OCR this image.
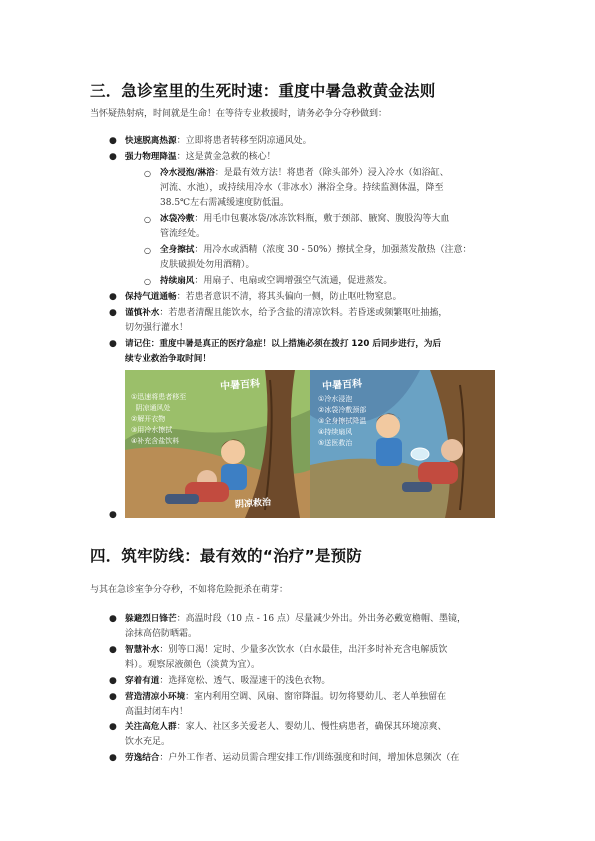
三．急诊室里的生死时速：重度中暑急救黄金法则

当怀疑热射病，时间就是生命！在等待专业救援时，请务必争分夺秒做到：

● 快速脱离热源：立即将患者转移至阴凉通风处。
● 强力物理降温：这是黄金急救的核心！
○ 冷水浸泡/淋浴：是最有效方法！将患者（除头部外）浸入冷水（如浴缸、
河流、水池），或持续用冷水（非冰水）淋浴全身。持续监测体温，降至
38.5℃左右需减缓速度防低温。
○ 冰袋冷敷：用毛巾包裹冰袋/冰冻饮料瓶，敷于颈部、腋窝、腹股沟等大血
管流经处。
○ 全身擦拭：用冷水或酒精（浓度 30 - 50%）擦拭全身，加强蒸发散热（注意：
皮肤破损处勿用酒精）。
○ 持续扇风：用扇子、电扇或空调增强空气流通，促进蒸发。
● 保持气道通畅：若患者意识不清，将其头偏向一侧，防止呕吐物窒息。
● 谨慎补水：若患者清醒且能饮水，给予含盐的清凉饮料。若昏迷或频繁呕吐抽搐，
切勿强行灌水！
● 请记住：重度中暑是真正的医疗急症！以上措施必须在拨打 120 后同步进行，为后
续专业救治争取时间！
中暑百科
①迅速将患者移至
阴凉通风处
②解开衣物
③用冷水擦拭
④补充含盐饮料
阴凉救治
中暑百科
①冷水浸泡
②冰袋冷敷颈部
③全身擦拭降温
④持续扇风
⑤送医救治
●
四．筑牢防线：最有效的“治疗”是预防

与其在急诊室争分夺秒，不如将危险扼杀在萌芽：

● 躲避烈日锋芒：高温时段（10 点 - 16 点）尽量减少外出。外出务必戴宽檐帽、墨镜，
涂抹高倍防晒霜。
● 智慧补水：别等口渴！定时、少量多次饮水（白水最佳，出汗多时补充含电解质饮
料）。观察尿液颜色（淡黄为宜）。
● 穿着有道：选择宽松、透气、吸湿速干的浅色衣物。
● 营造清凉小环境：室内利用空调、风扇、窗帘降温。切勿将婴幼儿、老人单独留在
高温封闭车内！
● 关注高危人群：家人、社区多关爱老人、婴幼儿、慢性病患者，确保其环境凉爽、
饮水充足。
● 劳逸结合：户外工作者、运动员需合理安排工作/训练强度和时间，增加休息频次（在
